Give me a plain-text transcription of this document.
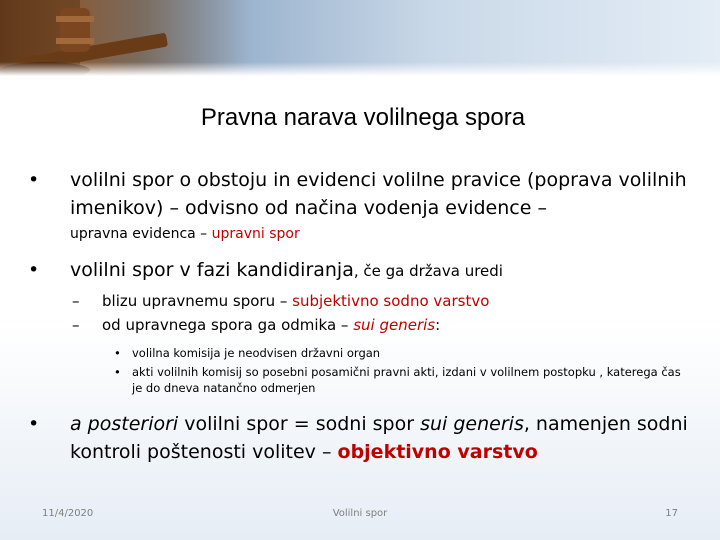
Pravna narava volilnega spora
• volilni spor o obstoju in evidenci volilne pravice (poprava volilnih imenikov) – odvisno od načina vodenja evidence –
upravna evidenca – upravni spor
• volilni spor v fazi kandidiranja, če ga država uredi
– blizu upravnemu sporu – subjektivno sodno varstvo
– od upravnega spora ga odmika – sui generis:
• volilna komisija je neodvisen državni organ
• akti volilnih komisij so posebni posamični pravni akti, izdani v volilnem postopku , katerega čas je do dneva natančno odmerjen
• a posteriori volilni spor = sodni spor sui generis, namenjen sodni kontroli poštenosti volitev – objektivno varstvo
11/4/2020	Volilni spor	17
